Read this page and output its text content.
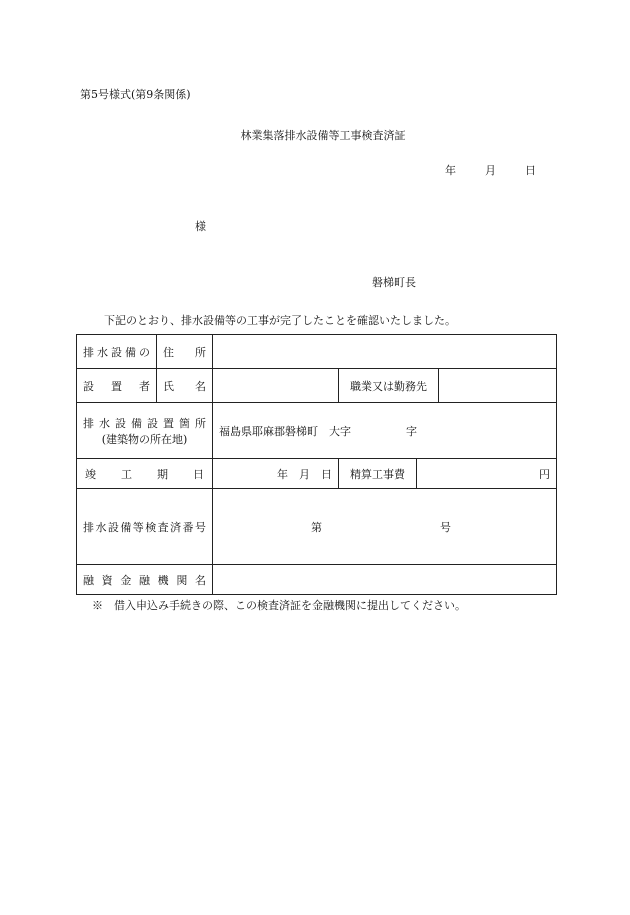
第5号様式(第9条関係)
林業集落排水設備等工事検査済証
年	月	日
様
磐梯町長
下記のとおり、排水設備等の工事が完了したことを確認いたしました。
排水設備の	住　所				
設　置　者	氏　名		職業又は勤務先		

排水設備設置箇所
(建築物の所在地)		福島県耶麻郡磐梯町　大字　　　　　字			
竣　工　期　日		年　月　日	精算工事費	円	
排水設備等検査済番号		第 号			
融資金融機関名					
※　借入申込み手続きの際、この検査済証を金融機関に提出してください。
